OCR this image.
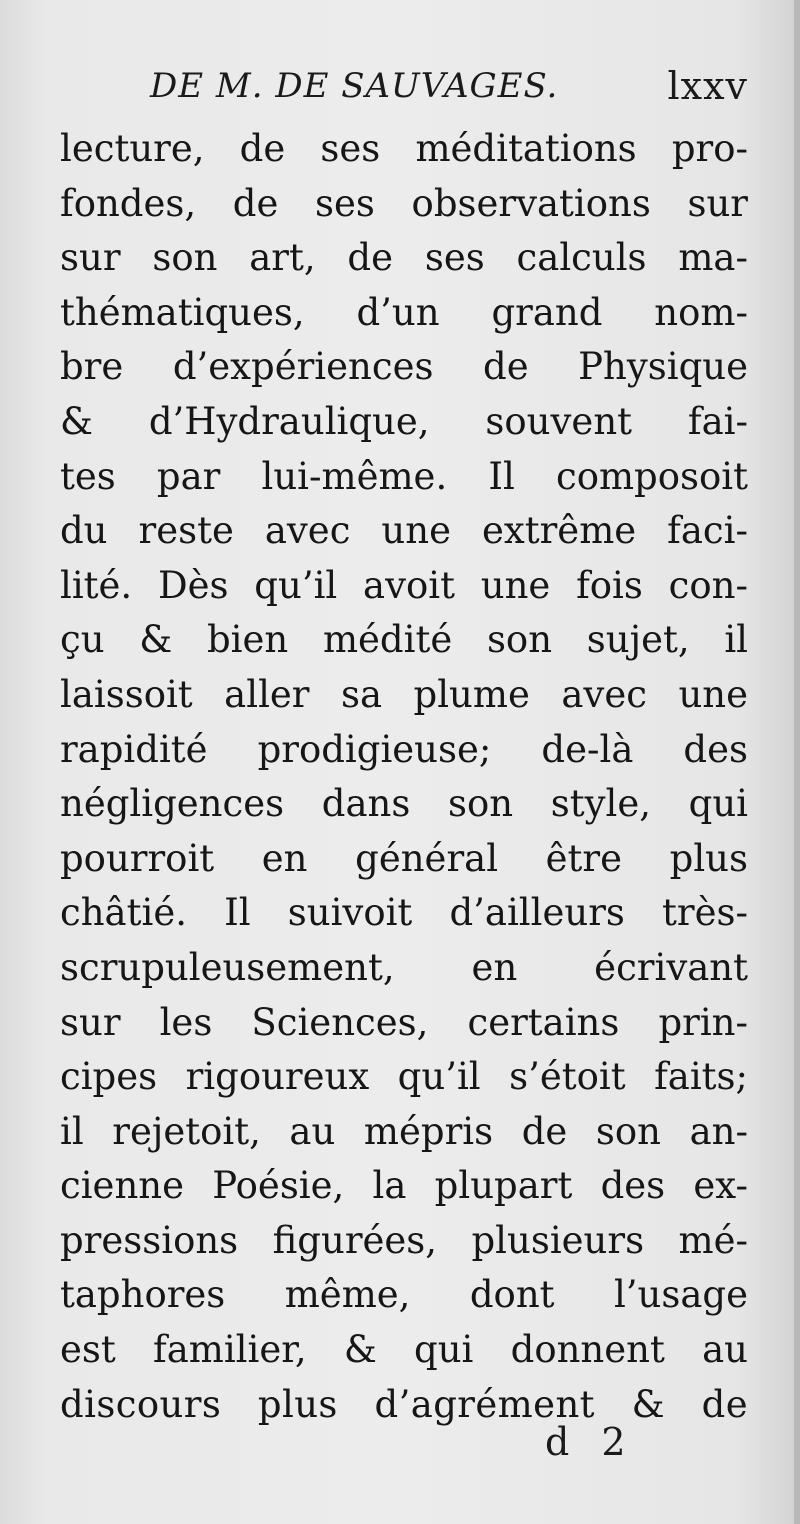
DE M. DE SAUVAGES.	lxxv
lecture, de ses méditations pro-
fondes, de ses observations sur
sur son art, de ses calculs ma-
thématiques, d’un grand nom-
bre d’expériences de Physique
& d’Hydraulique, souvent fai-
tes par lui-même. Il composoit
du reste avec une extrême faci-
lité. Dès qu’il avoit une fois con-
çu & bien médité son sujet, il
laissoit aller sa plume avec une
rapidité prodigieuse; de-là des
négligences dans son style, qui
pourroit en général être plus
châtié. Il suivoit d’ailleurs très-
scrupuleusement, en écrivant
sur les Sciences, certains prin-
cipes rigoureux qu’il s’étoit faits;
il rejetoit, au mépris de son an-
cienne Poésie, la plupart des ex-
pressions figurées, plusieurs mé-
taphores même, dont l’usage
est familier, & qui donnent au
discours plus d’agrément & de
d 2
